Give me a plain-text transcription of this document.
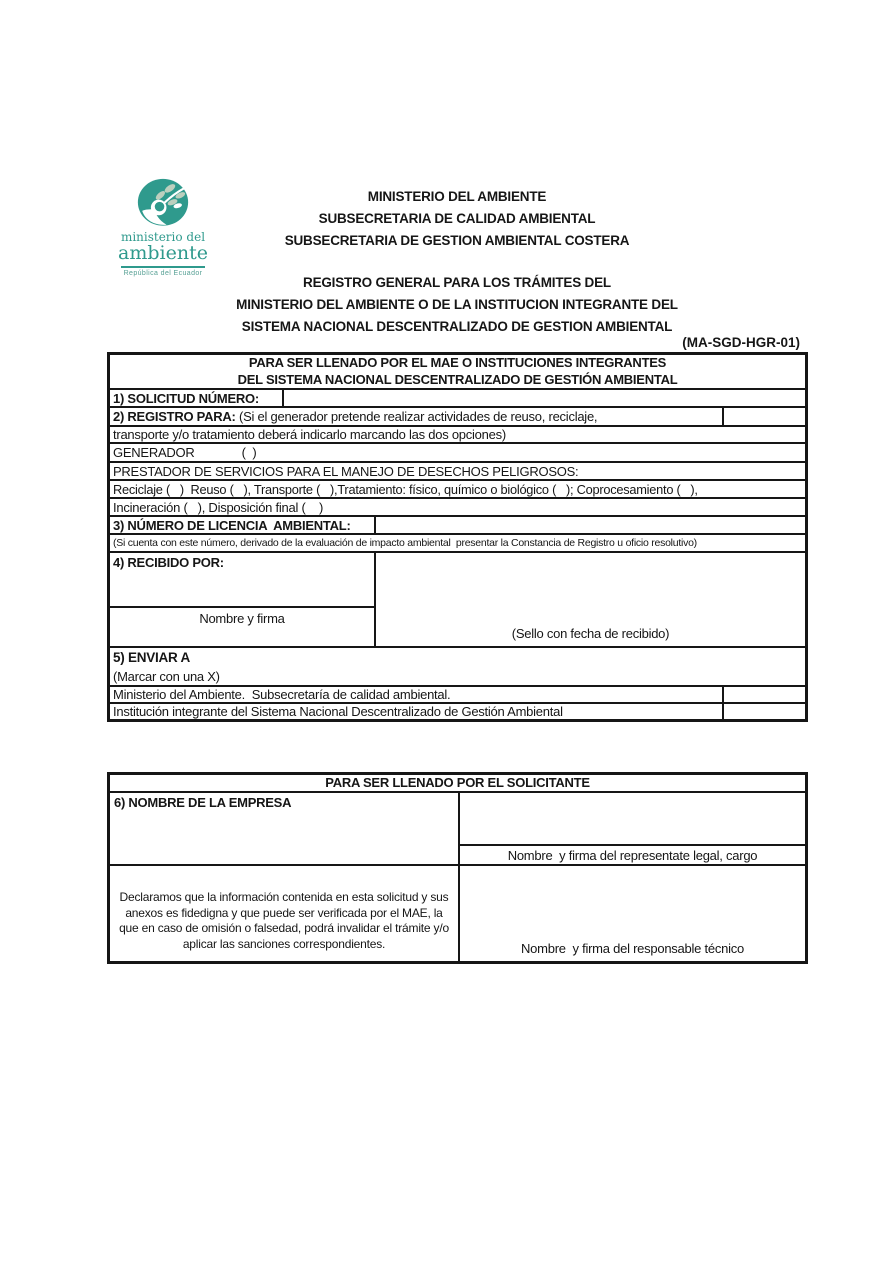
ministerio del
ambiente
República del Ecuador
MINISTERIO DEL AMBIENTE
SUBSECRETARIA DE CALIDAD AMBIENTAL
SUBSECRETARIA DE GESTION AMBIENTAL COSTERA
REGISTRO GENERAL PARA LOS TRÁMITES DEL
MINISTERIO DEL AMBIENTE O DE LA INSTITUCION INTEGRANTE DEL
SISTEMA NACIONAL DESCENTRALIZADO DE GESTION AMBIENTAL
(MA-SGD-HGR-01)
PARA SER LLENADO POR EL MAE O INSTITUCIONES INTEGRANTES
DEL SISTEMA NACIONAL DESCENTRALIZADO DE GESTIÓN AMBIENTAL
1) SOLICITUD NÚMERO:
2) REGISTRO PARA: (Si el generador pretende realizar actividades de reuso, reciclaje,
transporte y/o tratamiento deberá indicarlo marcando las dos opciones)
GENERADOR              (  )
PRESTADOR DE SERVICIOS PARA EL MANEJO DE DESECHOS PELIGROSOS:
Reciclaje (   )  Reuso (   ), Transporte (   ),Tratamiento: físico, químico o biológico (   ); Coprocesamiento (   ),
Incineración (   ), Disposición final (    )
3) NÚMERO DE LICENCIA  AMBIENTAL:
(Si cuenta con este número, derivado de la evaluación de impacto ambiental  presentar la Constancia de Registro u oficio resolutivo)
4) RECIBIDO POR:
Nombre y firma
(Sello con fecha de recibido)
5) ENVIAR A
(Marcar con una X)
Ministerio del Ambiente.  Subsecretaría de calidad ambiental.
Institución integrante del Sistema Nacional Descentralizado de Gestión Ambiental
PARA SER LLENADO POR EL SOLICITANTE
6) NOMBRE DE LA EMPRESA
Nombre  y firma del representate legal, cargo
Declaramos que la información contenida en esta solicitud y sus anexos es fidedigna y que puede ser verificada por el MAE, la que en caso de omisión o falsedad, podrá invalidar el trámite y/o aplicar las sanciones correspondientes.	Nombre  y firma del responsable técnico
